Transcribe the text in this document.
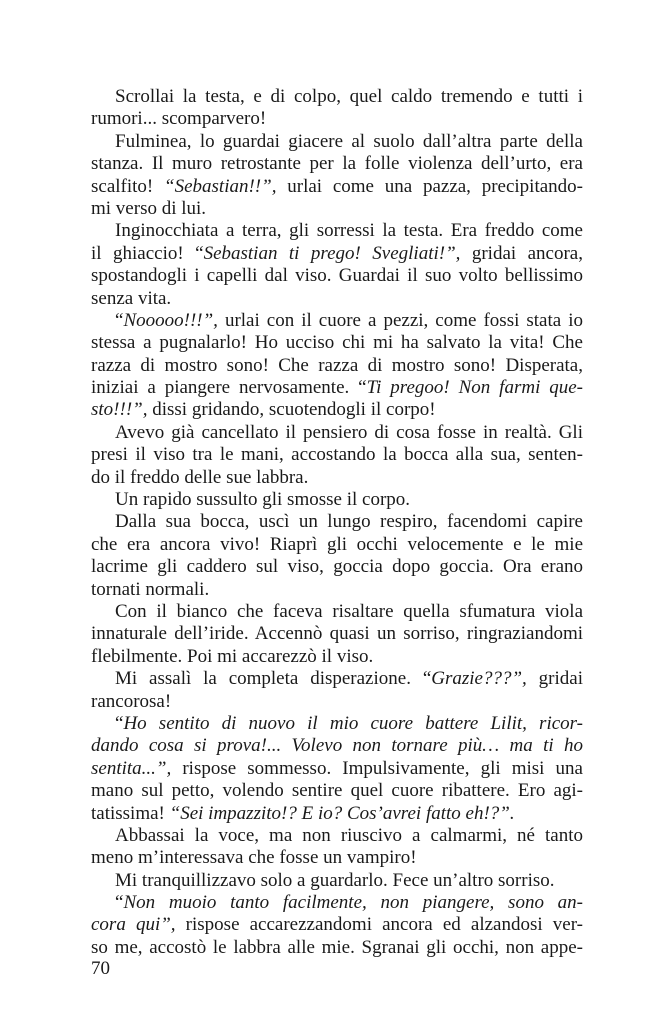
Scrollai la testa, e di colpo, quel caldo tremendo e tutti i
rumori... scomparvero!
Fulminea, lo guardai giacere al suolo dall’altra parte della
stanza. Il muro retrostante per la folle violenza dell’urto, era
scalfito! “Sebastian!!”, urlai come una pazza, precipitando-
mi verso di lui.
Inginocchiata a terra, gli sorressi la testa. Era freddo come
il ghiaccio! “Sebastian ti prego! Svegliati!”, gridai ancora,
spostandogli i capelli dal viso. Guardai il suo volto bellissimo
senza vita.
“Nooooo!!!”, urlai con il cuore a pezzi, come fossi stata io
stessa a pugnalarlo! Ho ucciso chi mi ha salvato la vita! Che
razza di mostro sono! Che razza di mostro sono! Disperata,
iniziai a piangere nervosamente. “Ti pregoo! Non farmi que-
sto!!!”, dissi gridando, scuotendogli il corpo!
Avevo già cancellato il pensiero di cosa fosse in realtà. Gli
presi il viso tra le mani, accostando la bocca alla sua, senten-
do il freddo delle sue labbra.
Un rapido sussulto gli smosse il corpo.
Dalla sua bocca, uscì un lungo respiro, facendomi capire
che era ancora vivo! Riaprì gli occhi velocemente e le mie
lacrime gli caddero sul viso, goccia dopo goccia. Ora erano
tornati normali.
Con il bianco che faceva risaltare quella sfumatura viola
innaturale dell’iride. Accennò quasi un sorriso, ringraziandomi
flebilmente. Poi mi accarezzò il viso.
Mi assalì la completa disperazione. “Grazie???”, gridai
rancorosa!
“Ho sentito di nuovo il mio cuore battere Lilit, ricor-
dando cosa si prova!... Volevo non tornare più… ma ti ho
sentita...”, rispose sommesso. Impulsivamente, gli misi una
mano sul petto, volendo sentire quel cuore ribattere. Ero agi-
tatissima! “Sei impazzito!? E io? Cos’avrei fatto eh!?”.
Abbassai la voce, ma non riuscivo a calmarmi, né tanto
meno m’interessava che fosse un vampiro!
Mi tranquillizzavo solo a guardarlo. Fece un’altro sorriso.
“Non muoio tanto facilmente, non piangere, sono an-
cora qui”, rispose accarezzandomi ancora ed alzandosi ver-
so me, accostò le labbra alle mie. Sgranai gli occhi, non appe-
70
